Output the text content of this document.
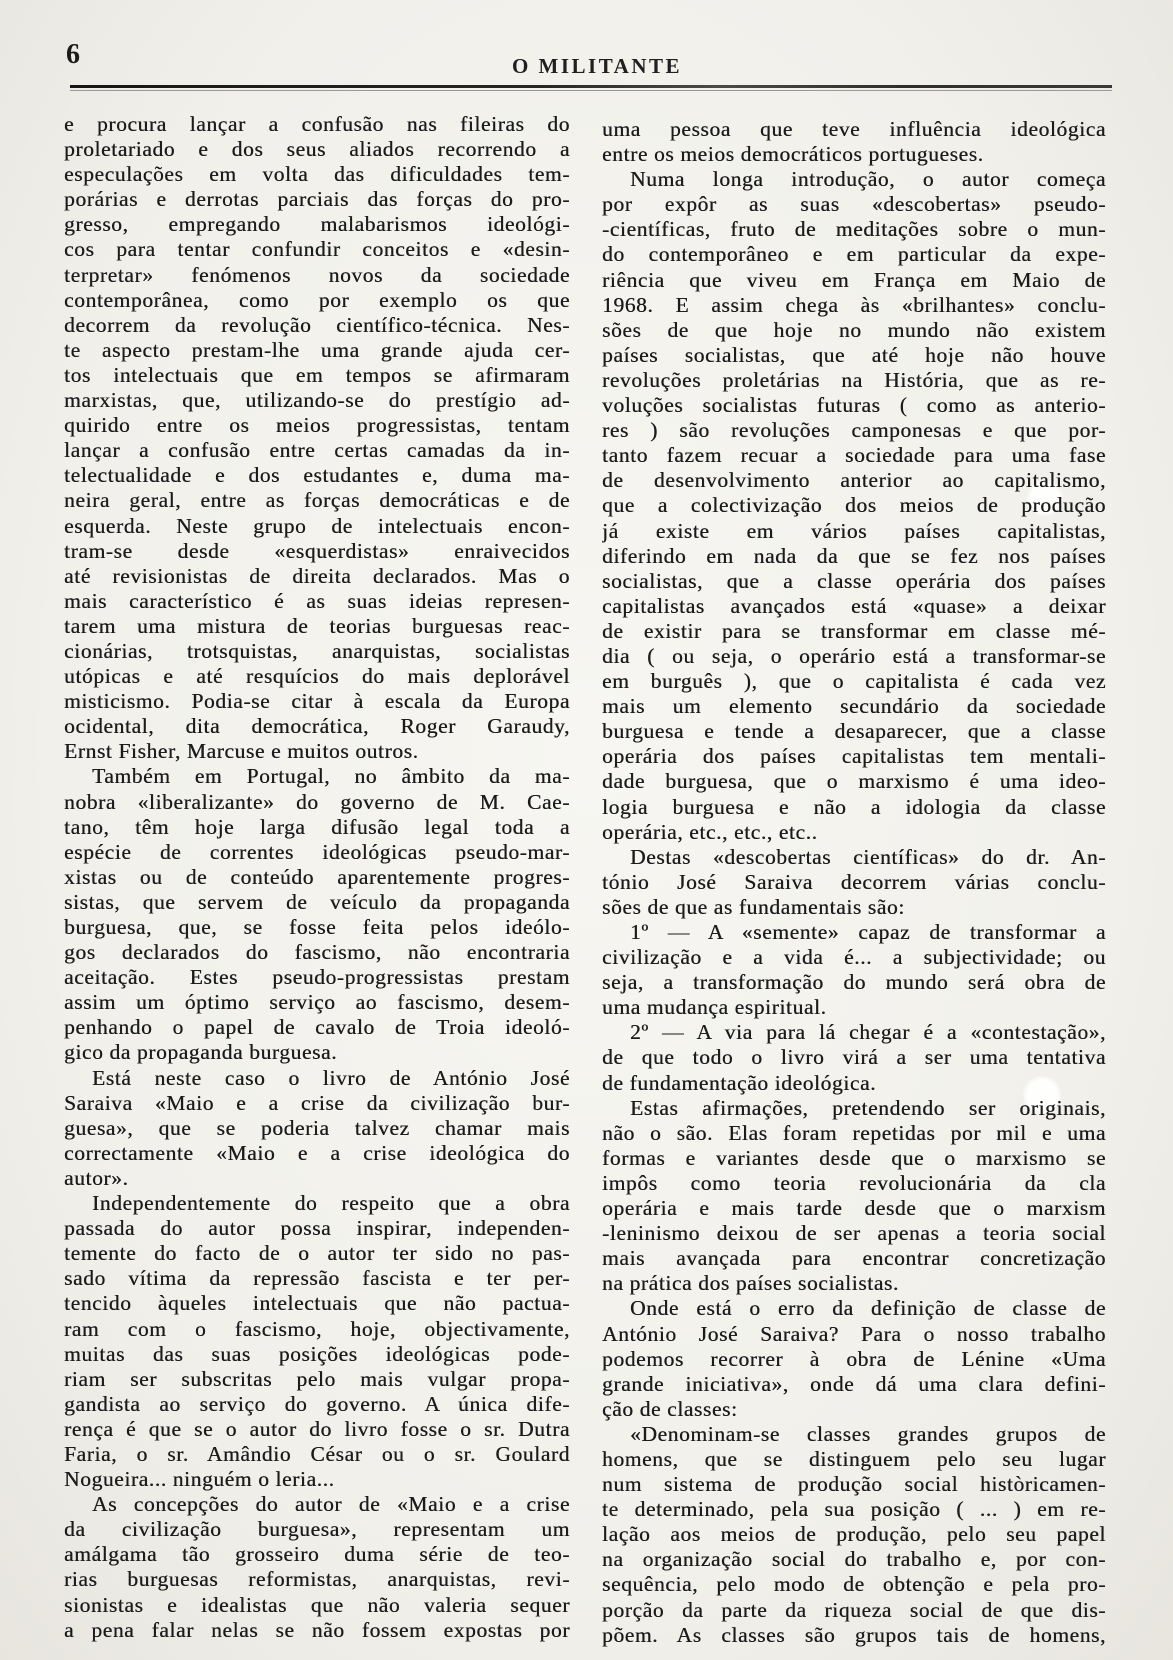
6	O MILITANTE
e procura lançar a confusão nas fileiras do
proletariado e dos seus aliados recorrendo a
especulações em volta das dificuldades tem-
porárias e derrotas parciais das forças do pro-
gresso, empregando malabarismos ideológi-
cos para tentar confundir conceitos e «desin-
terpretar» fenómenos novos da sociedade
contemporânea, como por exemplo os que
decorrem da revolução científico-técnica. Nes-
te aspecto prestam-lhe uma grande ajuda cer-
tos intelectuais que em tempos se afirmaram
marxistas, que, utilizando-se do prestígio ad-
quirido entre os meios progressistas, tentam
lançar a confusão entre certas camadas da in-
telectualidade e dos estudantes e, duma ma-
neira geral, entre as forças democráticas e de
esquerda. Neste grupo de intelectuais encon-
tram-se desde «esquerdistas» enraivecidos
até revisionistas de direita declarados. Mas o
mais característico é as suas ideias represen-
tarem uma mistura de teorias burguesas reac-
cionárias, trotsquistas, anarquistas, socialistas
utópicas e até resquícios do mais deplorável
misticismo. Podia-se citar à escala da Europa
ocidental, dita democrática, Roger Garaudy,
Ernst Fisher, Marcuse e muitos outros.
Também em Portugal, no âmbito da ma-
nobra «liberalizante» do governo de M. Cae-
tano, têm hoje larga difusão legal toda a
espécie de correntes ideológicas pseudo-mar-
xistas ou de conteúdo aparentemente progres-
sistas, que servem de veículo da propaganda
burguesa, que, se fosse feita pelos ideólo-
gos declarados do fascismo, não encontraria
aceitação. Estes pseudo-progressistas prestam
assim um óptimo serviço ao fascismo, desem-
penhando o papel de cavalo de Troia ideoló-
gico da propaganda burguesa.
Está neste caso o livro de António José
Saraiva «Maio e a crise da civilização bur-
guesa», que se poderia talvez chamar mais
correctamente «Maio e a crise ideológica do
autor».
Independentemente do respeito que a obra
passada do autor possa inspirar, independen-
temente do facto de o autor ter sido no pas-
sado vítima da repressão fascista e ter per-
tencido àqueles intelectuais que não pactua-
ram com o fascismo, hoje, objectivamente,
muitas das suas posições ideológicas pode-
riam ser subscritas pelo mais vulgar propa-
gandista ao serviço do governo. A única dife-
rença é que se o autor do livro fosse o sr. Dutra
Faria, o sr. Amândio César ou o sr. Goulard
Nogueira... ninguém o leria...
As concepções do autor de «Maio e a crise
da civilização burguesa», representam um
amálgama tão grosseiro duma série de teo-
rias burguesas reformistas, anarquistas, revi-
sionistas e idealistas que não valeria sequer
a pena falar nelas se não fossem expostas por
uma pessoa que teve influência ideológica
entre os meios democráticos portugueses.
Numa longa introdução, o autor começa
por expôr as suas «descobertas» pseudo-
-científicas, fruto de meditações sobre o mun-
do contemporâneo e em particular da expe-
riência que viveu em França em Maio de
1968. E assim chega às «brilhantes» conclu-
sões de que hoje no mundo não existem
países socialistas, que até hoje não houve
revoluções proletárias na História, que as re-
voluções socialistas futuras ( como as anterio-
res ) são revoluções camponesas e que por-
tanto fazem recuar a sociedade para uma fase
de desenvolvimento anterior ao capitalismo,
que a colectivização dos meios de produção
já existe em vários países capitalistas,
diferindo em nada da que se fez nos países
socialistas, que a classe operária dos países
capitalistas avançados está «quase» a deixar
de existir para se transformar em classe mé-
dia ( ou seja, o operário está a transformar-se
em burguês ), que o capitalista é cada vez
mais um elemento secundário da sociedade
burguesa e tende a desaparecer, que a classe
operária dos países capitalistas tem mentali-
dade burguesa, que o marxismo é uma ideo-
logia burguesa e não a idologia da classe
operária, etc., etc., etc..
Destas «descobertas científicas» do dr. An-
tónio José Saraiva decorrem várias conclu-
sões de que as fundamentais são:
1º — A «semente» capaz de transformar a
civilização e a vida é... a subjectividade; ou
seja, a transformação do mundo será obra de
uma mudança espiritual.
2º — A via para lá chegar é a «contestação»,
de que todo o livro virá a ser uma tentativa
de fundamentação ideológica.
Estas afirmações, pretendendo ser originais,
não o são. Elas foram repetidas por mil e uma
formas e variantes desde que o marxismo se
impôs como teoria revolucionária da cla
operária e mais tarde desde que o marxism
-leninismo deixou de ser apenas a teoria social
mais avançada para encontrar concretização
na prática dos países socialistas.
Onde está o erro da definição de classe de
António José Saraiva? Para o nosso trabalho
podemos recorrer à obra de Lénine «Uma
grande iniciativa», onde dá uma clara defini-
ção de classes:
«Denominam-se classes grandes grupos de
homens, que se distinguem pelo seu lugar
num sistema de produção social històricamen-
te determinado, pela sua posição ( ... ) em re-
lação aos meios de produção, pelo seu papel
na organização social do trabalho e, por con-
sequência, pelo modo de obtenção e pela pro-
porção da parte da riqueza social de que dis-
põem. As classes são grupos tais de homens,
